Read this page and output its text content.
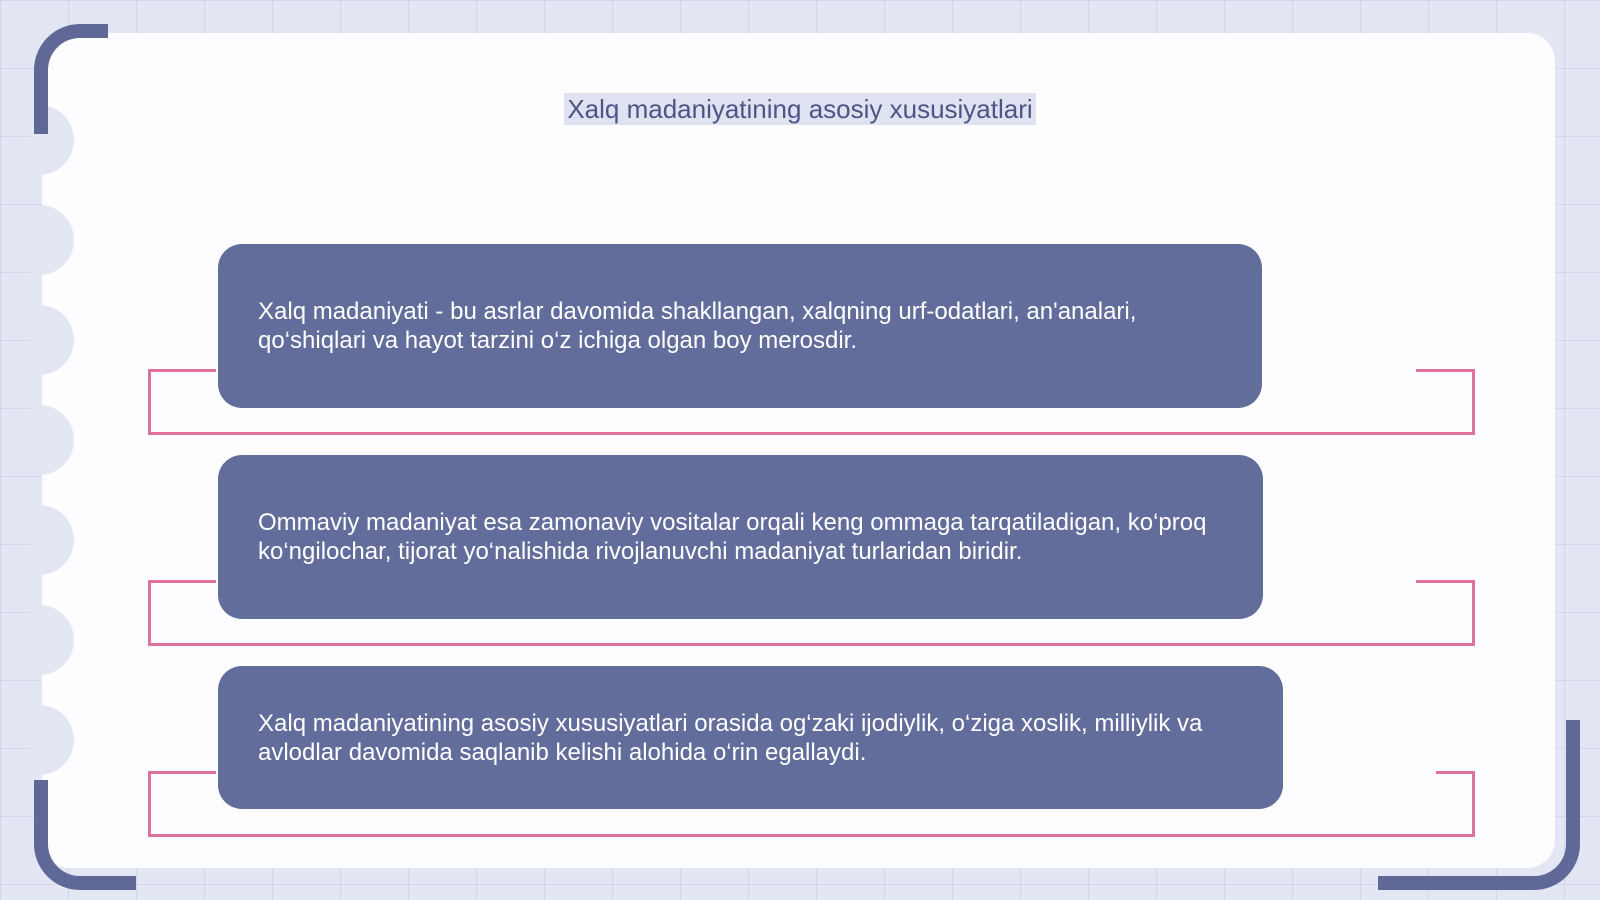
Xalq madaniyatining asosiy xususiyatlari
Xalq madaniyati - bu asrlar davomida shakllangan, xalqning urf-odatlari, an'analari, qo‘shiqlari va hayot tarzini o‘z ichiga olgan boy merosdir.
Ommaviy madaniyat esa zamonaviy vositalar orqali keng ommaga tarqatiladigan, ko‘proq ko‘ngilochar, tijorat yo‘nalishida rivojlanuvchi madaniyat turlaridan biridir.
Xalq madaniyatining asosiy xususiyatlari orasida og‘zaki ijodiylik, o‘ziga xoslik, milliylik va avlodlar davomida saqlanib kelishi alohida o‘rin egallaydi.
